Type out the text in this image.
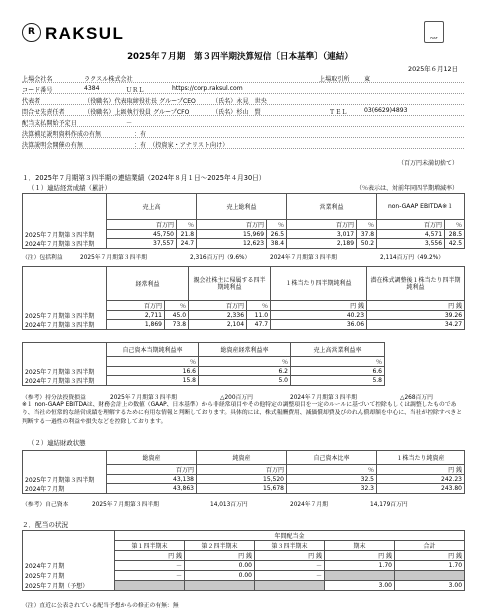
R RAKSUL	FASF
2025年７月期　第３四半期決算短信〔日本基準〕（連結）
2025年６月12日
上場会社名	ラクスル株式会社	上場取引所 東
コード番号	4384	ＵＲＬ	https://corp.raksul.com
代表者	（役職名）代表取締役社長 グループCEO	（氏名）永見　世央
問合せ先責任者	（役職名）上級執行役員 グループCFO	（氏名）杉山　賢	ＴＥＬ	03(6629)4893
配当支払開始予定日	－
決算補足説明資料作成の有無	：有
決算説明会開催の有無	：有　（投資家・アナリスト向け）
（百万円未満切捨て）
１．2025年７月期第３四半期の連結業績（2024年８月１日～2025年４月30日）
（１）連結経営成績（累計）	（％表示は、対前年同四半期増減率）
	売上高		売上総利益		営業利益		non-GAAP EBITDA※１	
	百万円	％	百万円	％	百万円	％	百万円	％
2025年７月期第３四半期	45,750	21.8	15,969	26.5	3,017	37.8	4,571	28.5
2024年７月期第３四半期	37,557	24.7	12,623	38.4	2,189	50.2	3,556	42.5
（注）包括利益	2025年７月期第３四半期	2,316百万円（9.6%）	2024年７月期第３四半期	2,114百万円（49.2%）
	経常利益		親会社株主に帰属する四半期純利益		１株当たり四半期純利益	潜在株式調整後１株当たり四半期純利益
	百万円	％	百万円	％	円 銭	円 銭
2025年７月期第３四半期	2,711	45.0	2,336	11.0	40.23	39.26
2024年７月期第３四半期	1,869	73.8	2,104	47.7	36.06	34.27
	自己資本当期純利益率	総資産経常利益率	売上高営業利益率
	％	％	％
2025年７月期第３四半期	16.6	6.2	6.6
2024年７月期第３四半期	15.8	5.0	5.8
（参考）持分法投資損益	2025年７月期第３四半期	△200百万円	2024年７月期第３四半期	△268百万円
※１ non-GAAP EBITDAは、財務会計上の数値（GAAP、日本基準）から非経常項目やその他特定の調整項目を一定のルールに基づいて控除もしくは調整したものであり、当社の恒常的な経営成績を理解するために有用な情報と判断しております。具体的には、株式報酬費用、減価償却費及びのれん償却額を中心に、当社が控除すべきと判断する一過性の利益や損失などを控除しております。
（２）連結財政状態
	総資産	純資産	自己資本比率	１株当たり純資産
	百万円	百万円	％	円 銭
2025年７月期第３四半期	43,138	15,520	32.5	242.23
2024年７月期	43,863	15,678	32.3	243.80
（参考）自己資本	2025年７月期第３四半期	14,013百万円	2024年７月期	14,179百万円
２．配当の状況
	年間配当金				
	第１四半期末	第２四半期末	第３四半期末	期末	合計
	円 銭	円 銭	円 銭	円 銭	円 銭
2024年７月期	－	0.00	－	1.70	1.70
2025年７月期	－	0.00	－		
2025年７月期（予想）				3.00	3.00
（注）直近に公表されている配当予想からの修正の有無：無
